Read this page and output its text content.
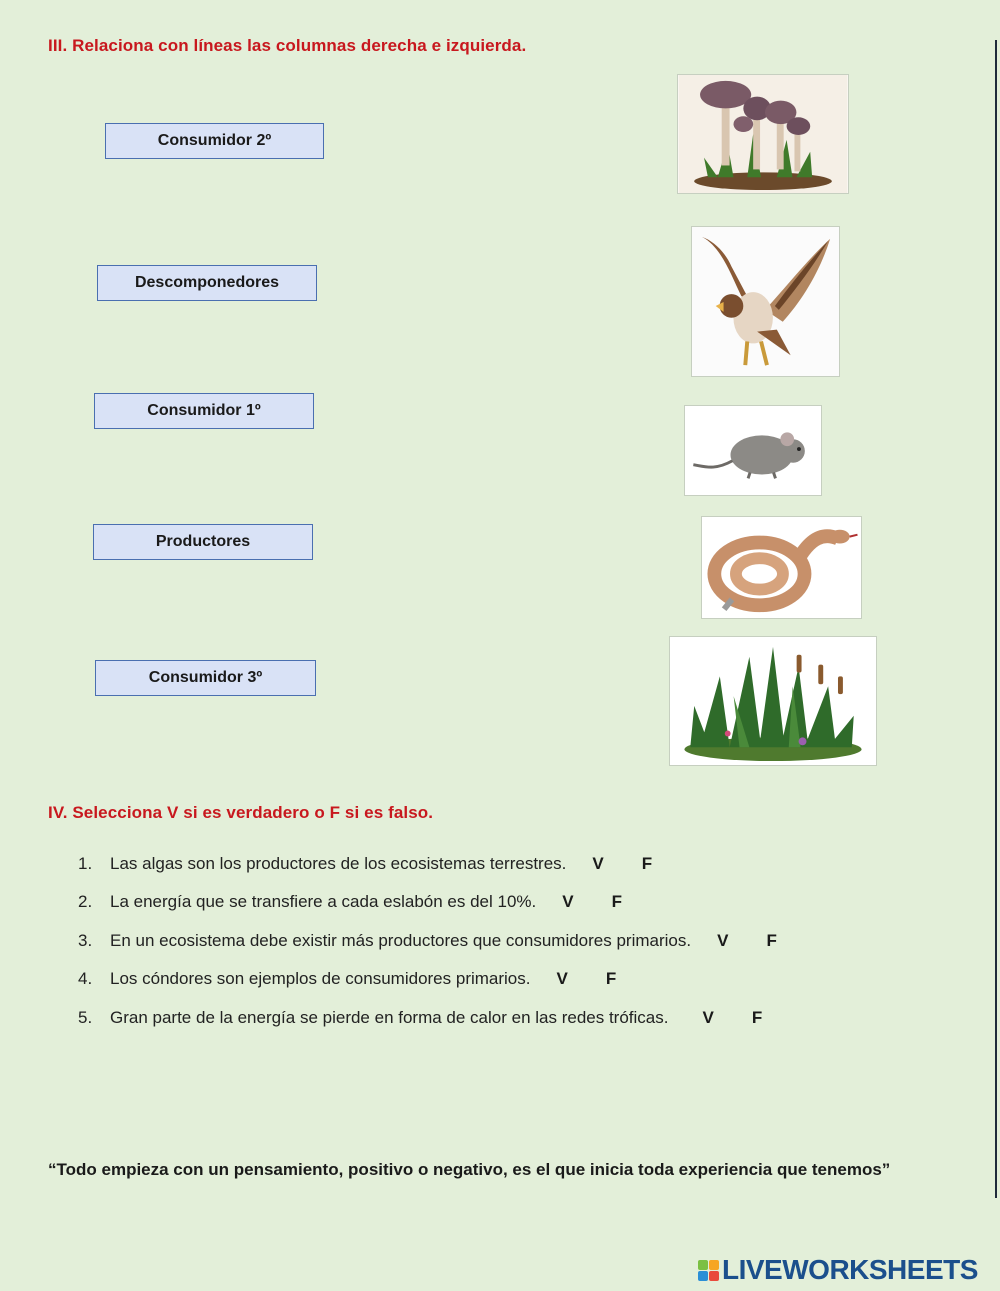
III. Relaciona con líneas las columnas derecha e izquierda.
Consumidor 2º
Descomponedores
Consumidor 1º
Productores
Consumidor 3º
IV. Selecciona V si es verdadero o F si es falso.
1.	Las algas son los productores de los ecosistemas terrestres. V F
2.	La energía que se transfiere a cada eslabón es del 10%. V F
3.	En un ecosistema debe existir más productores que consumidores primarios. V F
4.	Los cóndores son ejemplos de consumidores primarios. V F
5.	Gran parte de la energía se pierde en forma de calor en las redes tróficas. V F
“Todo empieza con un pensamiento, positivo o negativo, es el que inicia toda experiencia que tenemos”
LIVEWORKSHEETS
